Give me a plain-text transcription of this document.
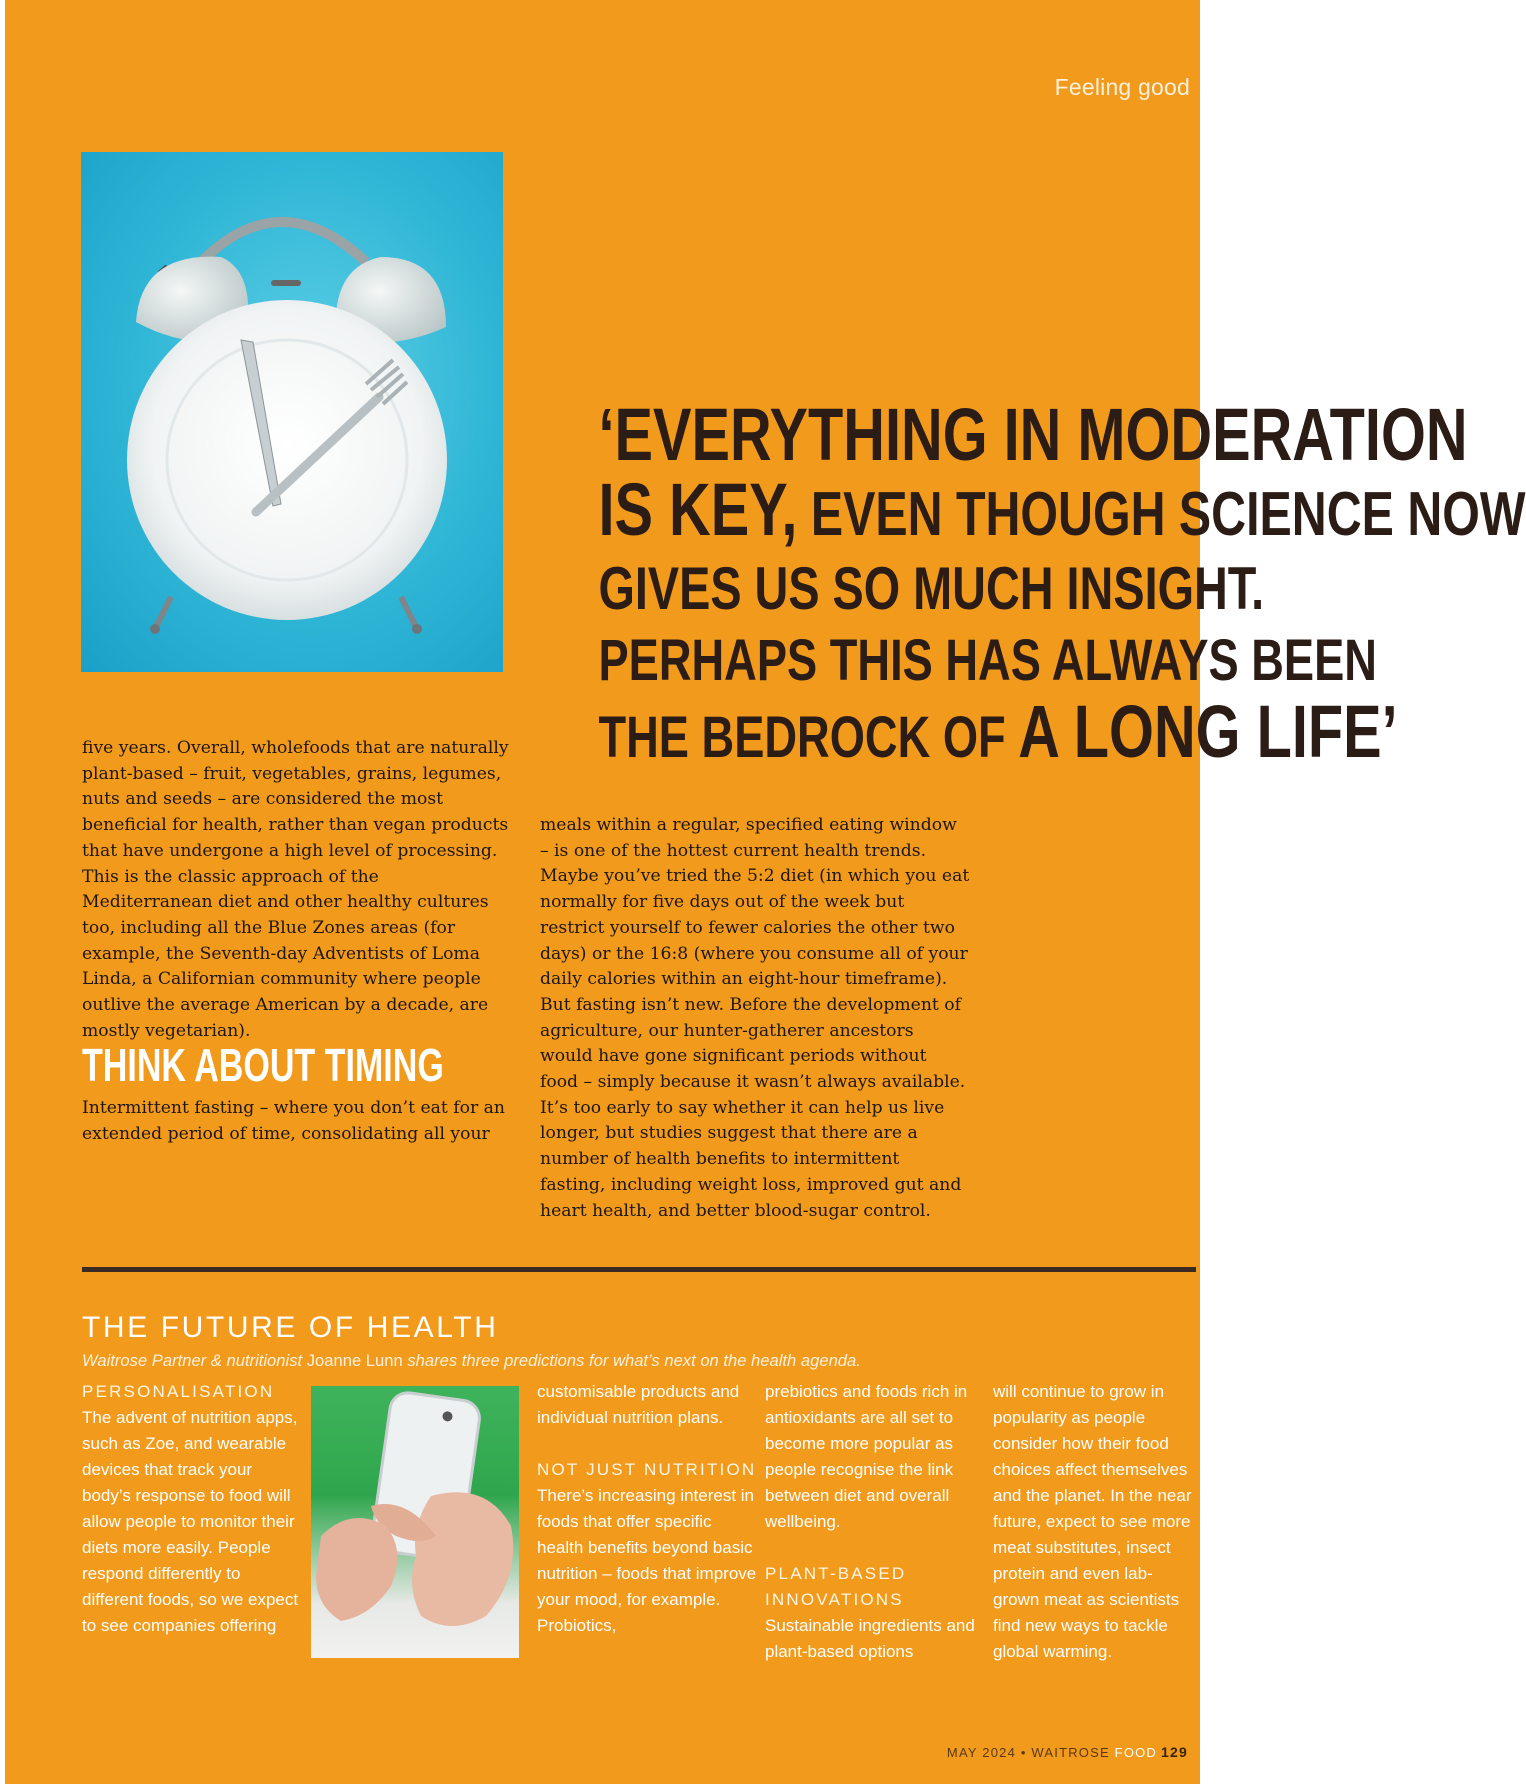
Feeling good
‘EVERYTHING IN MODERATION
IS KEY, EVEN THOUGH SCIENCE NOW
GIVES US SO MUCH INSIGHT.
PERHAPS THIS HAS ALWAYS BEEN
THE BEDROCK OF A LONG LIFE’

five years. Overall, wholefoods that are naturally plant-based – fruit, vegetables, grains, legumes, nuts and seeds – are considered the most beneficial for health, rather than vegan products that have undergone a high level of processing. This is the classic approach of the Mediterranean diet and other healthy cultures too, including all the Blue Zones areas (for example, the Seventh-day Adventists of Loma Linda, a Californian community where people outlive the average American by a decade, are mostly vegetarian).

THINK ABOUT TIMING

Intermittent fasting – where you don’t eat for an extended period of time, consolidating all your

meals within a regular, specified eating window – is one of the hottest current health trends. Maybe you’ve tried the 5:2 diet (in which you eat normally for five days out of the week but restrict yourself to fewer calories the other two days) or the 16:8 (where you consume all of your daily calories within an eight-hour timeframe). But fasting isn’t new. Before the development of agriculture, our hunter-gatherer ancestors would have gone significant periods without food – simply because it wasn’t always available. It’s too early to say whether it can help us live longer, but studies suggest that there are a number of health benefits to intermittent fasting, including weight loss, improved gut and heart health, and better blood-sugar control.

THE FUTURE OF HEALTH
Waitrose Partner & nutritionist Joanne Lunn shares three predictions for what’s next on the health agenda.
PERSONALISATION

The advent of nutrition apps, such as Zoe, and wearable devices that track your body’s response to food will allow people to monitor their diets more easily. People respond differently to different foods, so we expect to see companies offering

customisable products and individual nutrition plans.

NOT JUST NUTRITION

There’s increasing interest in foods that offer specific health benefits beyond basic nutrition – foods that improve your mood, for example. Probiotics,

prebiotics and foods rich in antioxidants are all set to become more popular as people recognise the link between diet and overall wellbeing.

PLANT-BASED INNOVATIONS

Sustainable ingredients and plant-based options

will continue to grow in popularity as people consider how their food choices affect themselves and the planet. In the near future, expect to see more meat substitutes, insect protein and even lab-grown meat as scientists find new ways to tackle global warming.

MAY 2024 • WAITROSE FOOD 129
